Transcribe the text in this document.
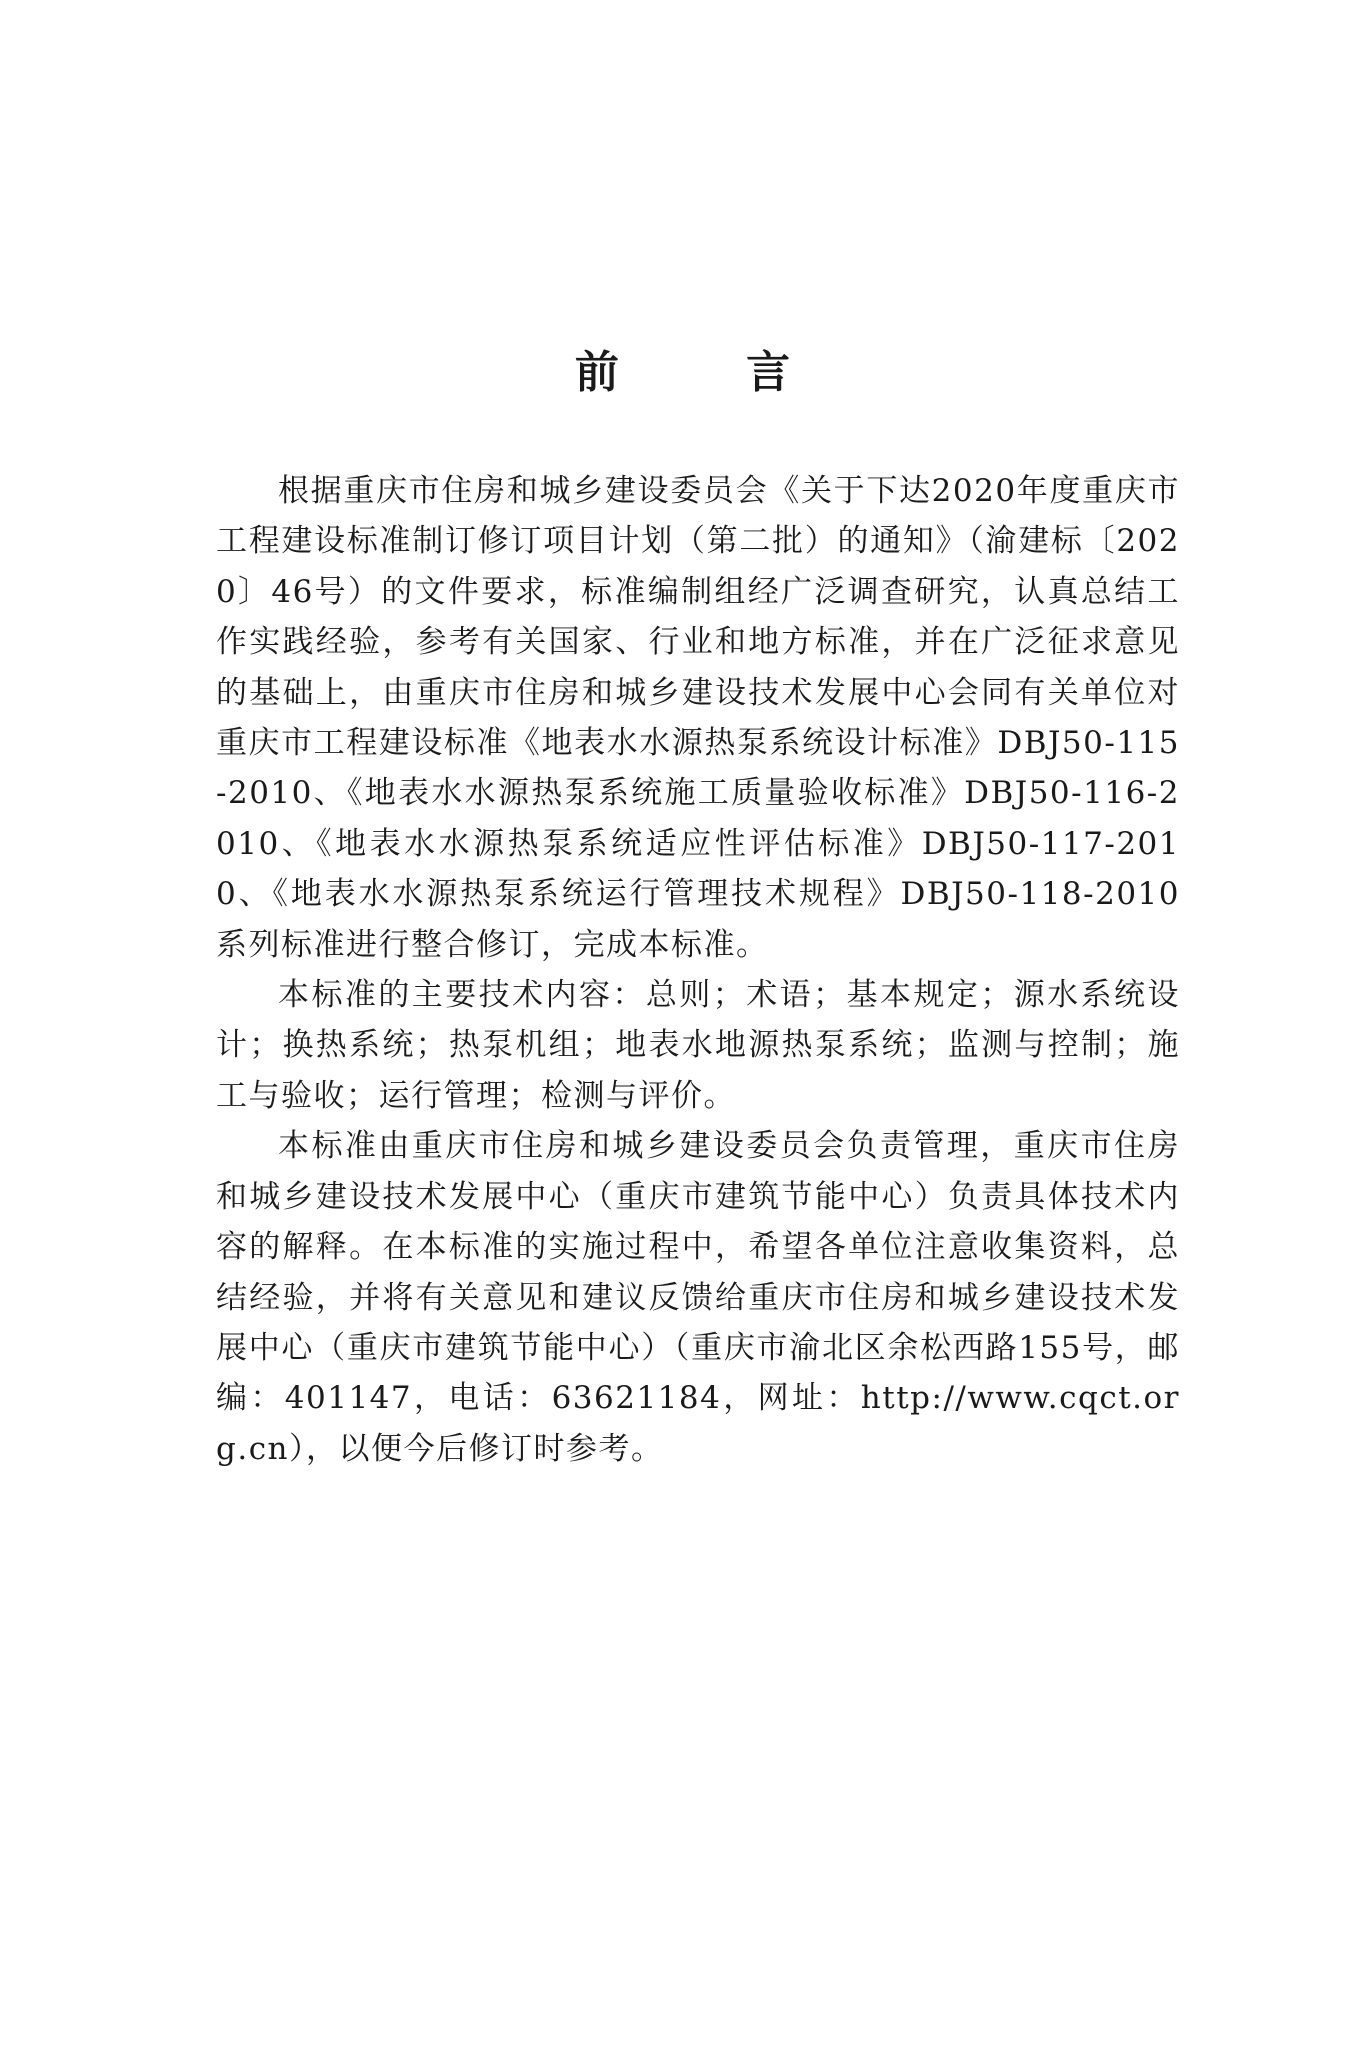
前 言

根据重庆市住房和城乡建设委员会《关于下达2020年度重庆市工程建设标准制订修订项目计划（第二批）的通知》（渝建标〔2020〕46号）的文件要求，标准编制组经广泛调查研究，认真总结工作实践经验，参考有关国家、行业和地方标准，并在广泛征求意见的基础上，由重庆市住房和城乡建设技术发展中心会同有关单位对重庆市工程建设标准《地表水水源热泵系统设计标准》DBJ50-115-2010、《地表水水源热泵系统施工质量验收标准》DBJ50-116-2010、《地表水水源热泵系统适应性评估标准》DBJ50-117-2010、《地表水水源热泵系统运行管理技术规程》DBJ50-118-2010系列标准进行整合修订，完成本标准。

本标准的主要技术内容：总则；术语；基本规定；源水系统设计；换热系统；热泵机组；地表水地源热泵系统；监测与控制；施工与验收；运行管理；检测与评价。

本标准由重庆市住房和城乡建设委员会负责管理，重庆市住房和城乡建设技术发展中心（重庆市建筑节能中心）负责具体技术内容的解释。在本标准的实施过程中，希望各单位注意收集资料，总结经验，并将有关意见和建议反馈给重庆市住房和城乡建设技术发展中心（重庆市建筑节能中心）（重庆市渝北区余松西路155号，邮编：401147，电话：63621184，网址：http://www.cqct.org.cn），以便今后修订时参考。
